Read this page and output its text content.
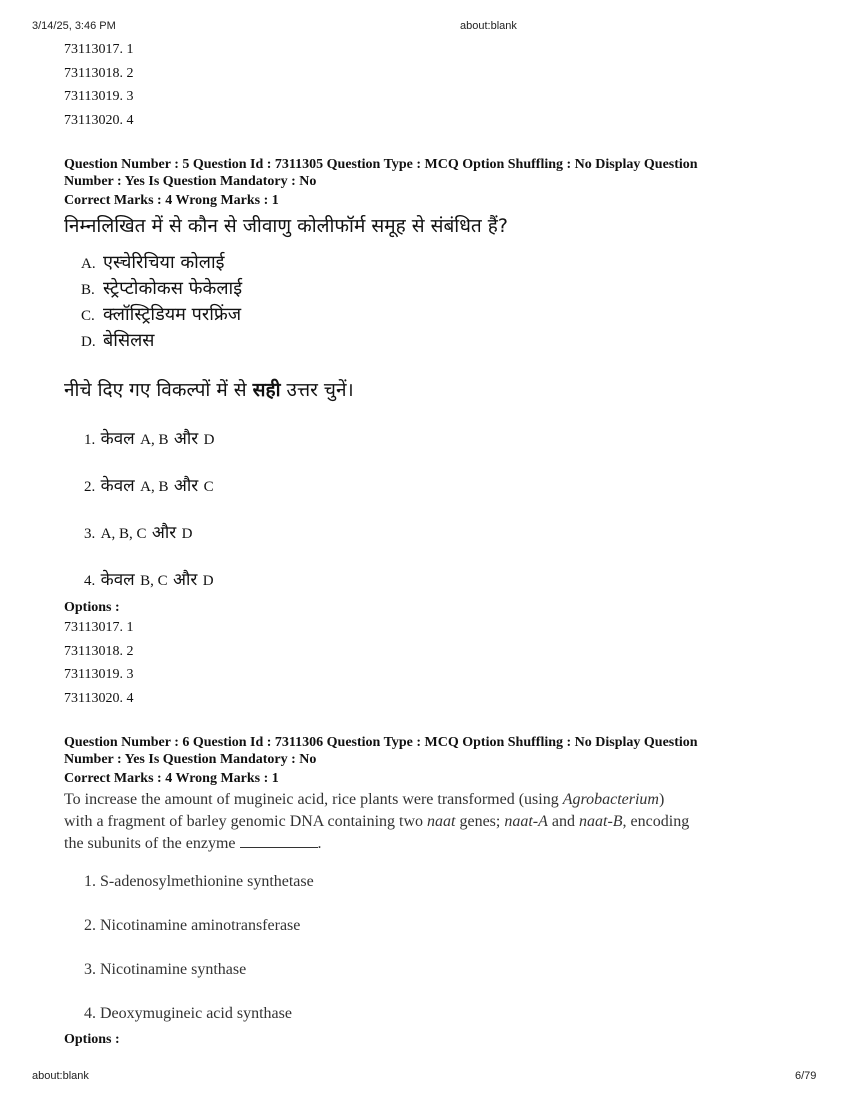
3/14/25, 3:46 PM	about:blank
73113017. 1
73113018. 2
73113019. 3
73113020. 4
Question Number : 5 Question Id : 7311305 Question Type : MCQ Option Shuffling : No Display Question
Number : Yes Is Question Mandatory : No
Correct Marks : 4 Wrong Marks : 1
निम्नलिखित में से कौन से जीवाणु कोलीफॉर्म समूह से संबंधित हैं?
A. एस्चेरिचिया कोलाई
B. स्ट्रेप्टोकोकस फेकेलाई
C. क्लॉस्ट्रिडियम परफ्रिंज
D. बेसिलस
नीचे दिए गए विकल्पों में से सही उत्तर चुनें।
1. केवल A, B और D
2. केवल A, B और C
3. A, B, C और D
4. केवल B, C और D
Options :
73113017. 1
73113018. 2
73113019. 3
73113020. 4
Question Number : 6 Question Id : 7311306 Question Type : MCQ Option Shuffling : No Display Question
Number : Yes Is Question Mandatory : No
Correct Marks : 4 Wrong Marks : 1
To increase the amount of mugineic acid, rice plants were transformed (using Agrobacterium)
with a fragment of barley genomic DNA containing two naat genes; naat-A and naat-B, encoding
the subunits of the enzyme	.
1. S-adenosylmethionine synthetase
2. Nicotinamine aminotransferase
3. Nicotinamine synthase
4. Deoxymugineic acid synthase
Options :
about:blank	6/79
